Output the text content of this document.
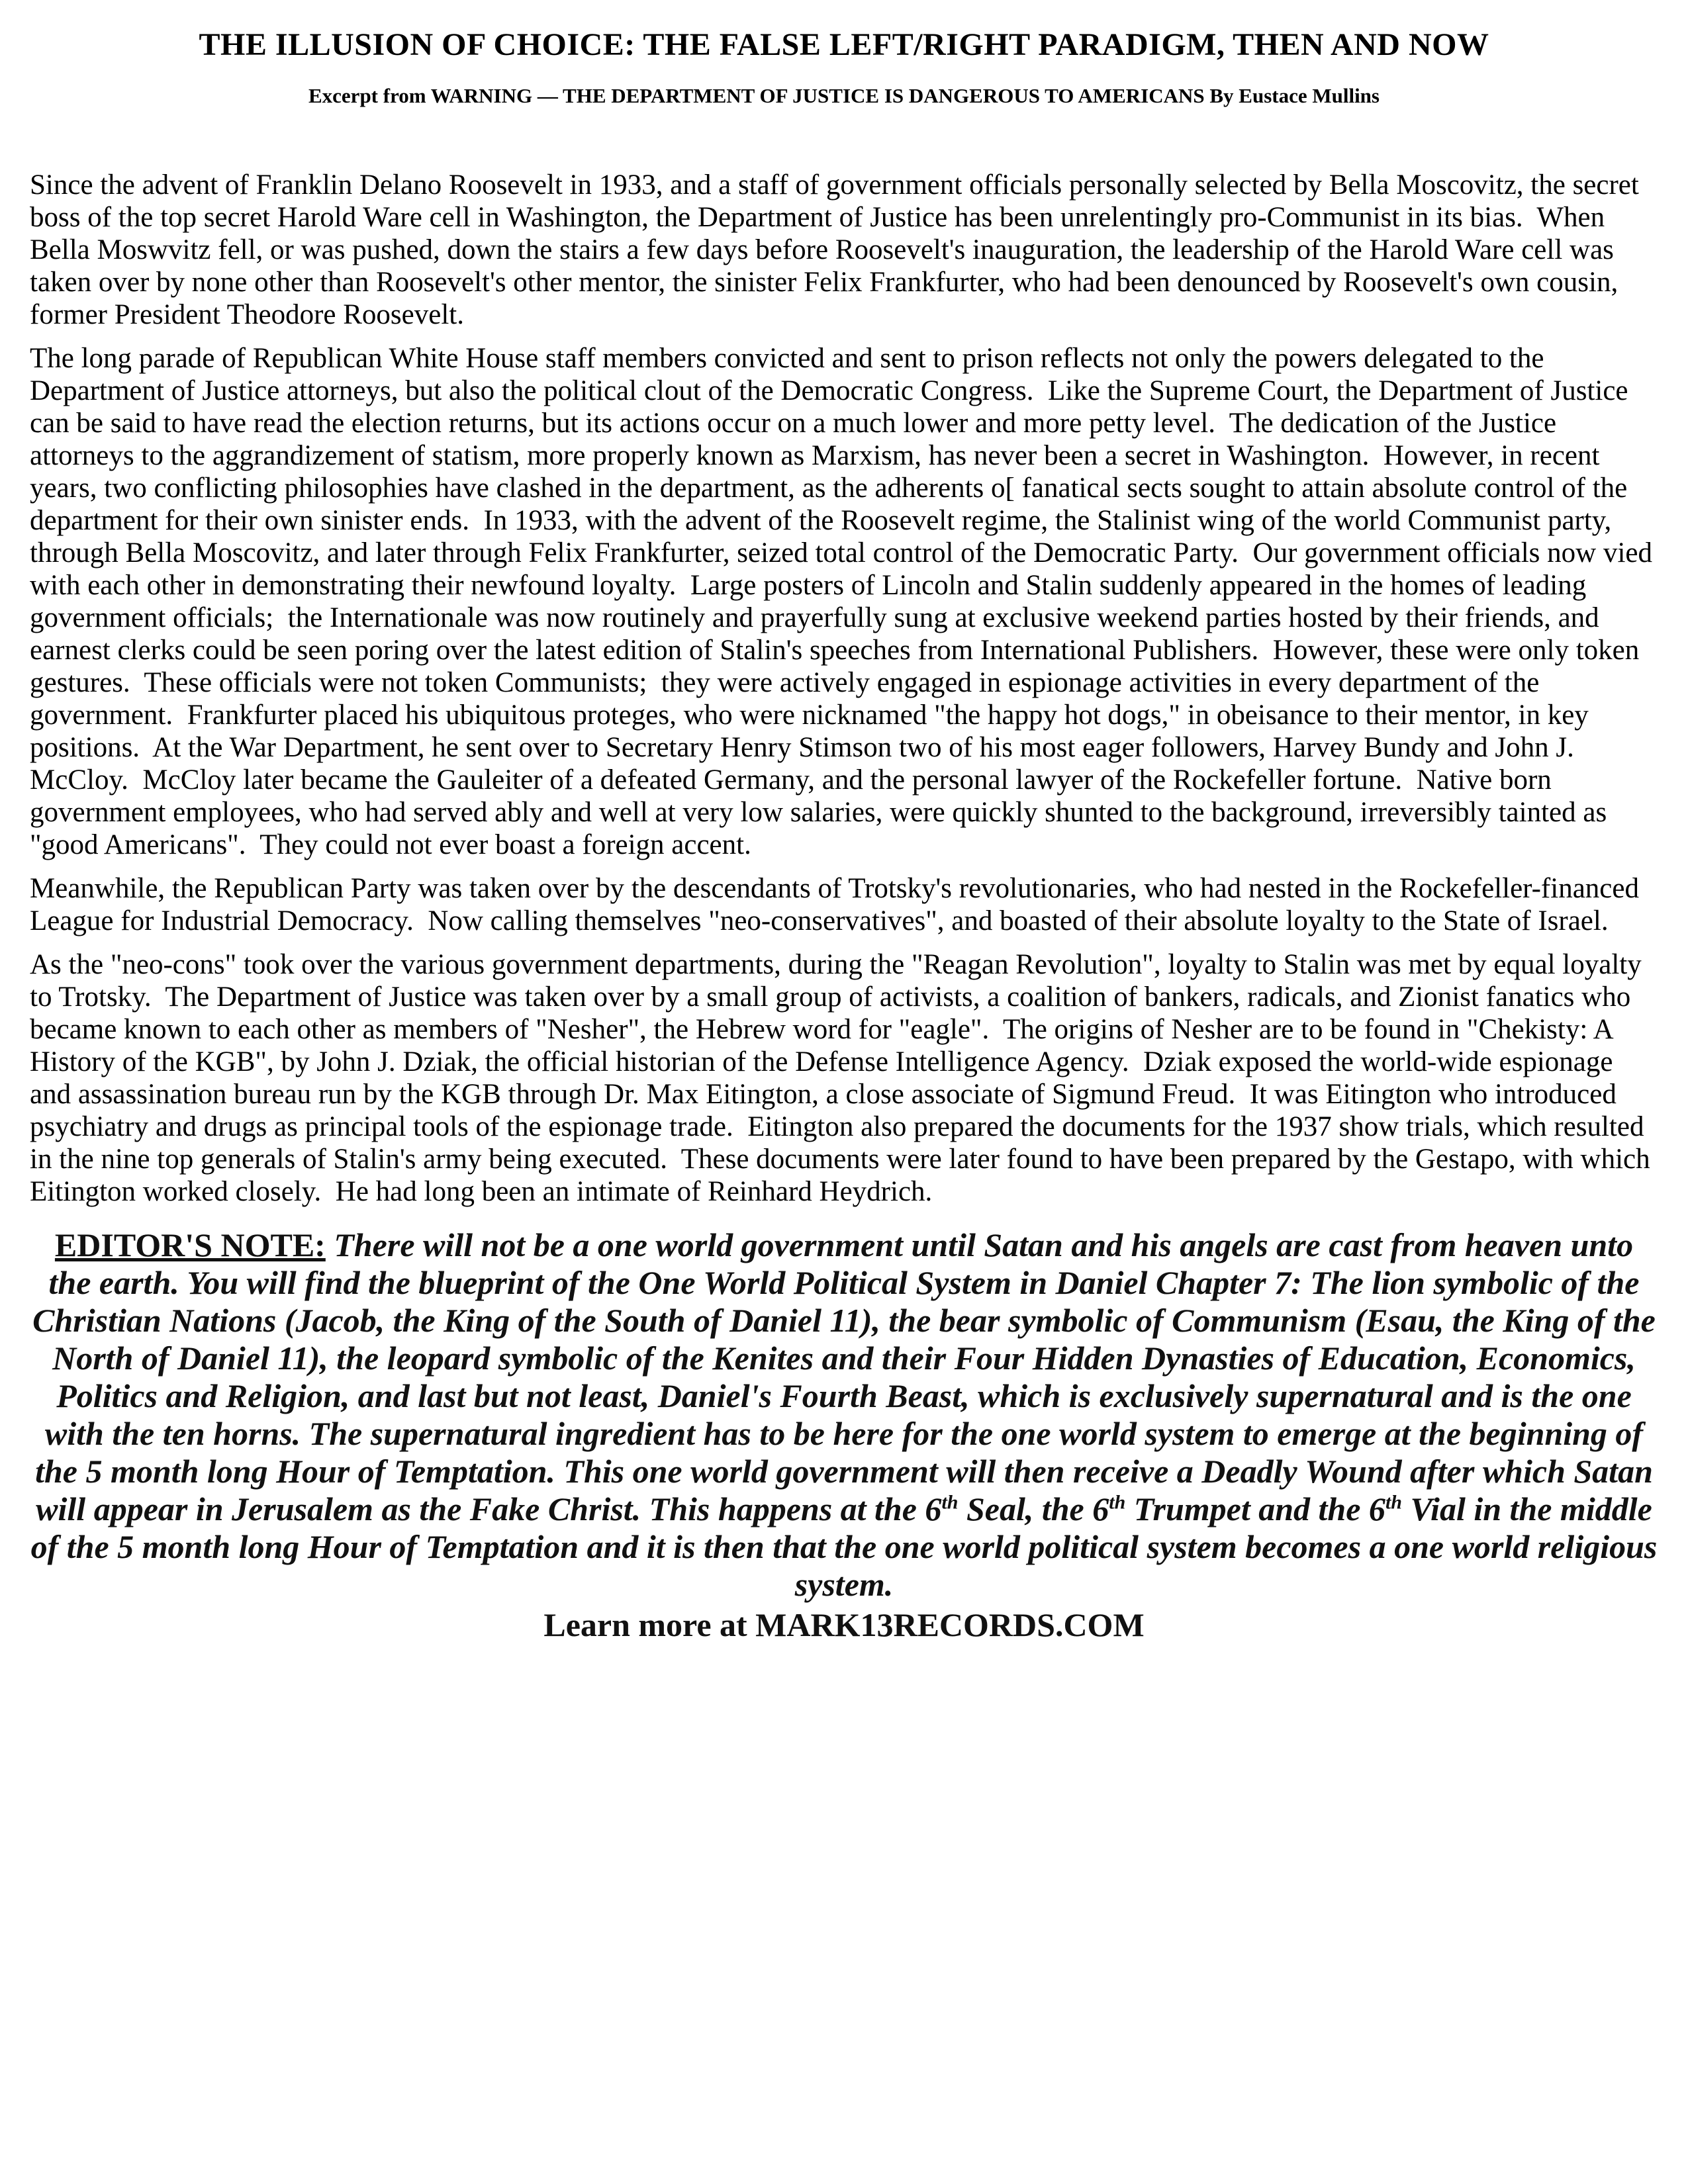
THE ILLUSION OF CHOICE: THE FALSE LEFT/RIGHT PARADIGM, THEN AND NOW
Excerpt from WARNING — THE DEPARTMENT OF JUSTICE IS DANGEROUS TO AMERICANS By Eustace Mullins

Since the advent of Franklin Delano Roosevelt in 1933, and a staff of government officials personally selected by Bella Moscovitz, the secret boss of the top secret Harold Ware cell in Washington, the Department of Justice has been unrelentingly pro-Communist in its bias.  When Bella Moswvitz fell, or was pushed, down the stairs a few days before Roosevelt's inauguration, the leadership of the Harold Ware cell was taken over by none other than Roosevelt's other mentor, the sinister Felix Frankfurter, who had been denounced by Roosevelt's own cousin, former President Theodore Roosevelt.

The long parade of Republican White House staff members convicted and sent to prison reflects not only the powers delegated to the Department of Justice attorneys, but also the political clout of the Democratic Congress.  Like the Supreme Court, the Department of Justice can be said to have read the election returns, but its actions occur on a much lower and more petty level.  The dedication of the Justice attorneys to the aggrandizement of statism, more properly known as Marxism, has never been a secret in Washington.  However, in recent years, two conflicting philosophies have clashed in the department, as the adherents o[ fanatical sects sought to attain absolute control of the department for their own sinister ends.  In 1933, with the advent of the Roosevelt regime, the Stalinist wing of the world Communist party, through Bella Moscovitz, and later through Felix Frankfurter, seized total control of the Democratic Party.  Our government officials now vied with each other in demonstrating their newfound loyalty.  Large posters of Lincoln and Stalin suddenly appeared in the homes of leading government officials;  the Internationale was now routinely and prayerfully sung at exclusive weekend parties hosted by their friends, and earnest clerks could be seen poring over the latest edition of Stalin's speeches from International Publishers.  However, these were only token gestures.  These officials were not token Communists;  they were actively engaged in espionage activities in every department of the government.  Frankfurter placed his ubiquitous proteges, who were nicknamed "the happy hot dogs," in obeisance to their mentor, in key positions.  At the War Department, he sent over to Secretary Henry Stimson two of his most eager followers, Harvey Bundy and John J. McCloy.  McCloy later became the Gauleiter of a defeated Germany, and the personal lawyer of the Rockefeller fortune.  Native born government employees, who had served ably and well at very low salaries, were quickly shunted to the background, irreversibly tainted as "good Americans".  They could not ever boast a foreign accent.

Meanwhile, the Republican Party was taken over by the descendants of Trotsky's revolutionaries, who had nested in the Rockefeller-financed League for Industrial Democracy.  Now calling themselves "neo-conservatives", and boasted of their absolute loyalty to the State of Israel.

As the "neo-cons" took over the various government departments, during the "Reagan Revolution", loyalty to Stalin was met by equal loyalty to Trotsky.  The Department of Justice was taken over by a small group of activists, a coalition of bankers, radicals, and Zionist fanatics who became known to each other as members of "Nesher", the Hebrew word for "eagle".  The origins of Nesher are to be found in "Chekisty: A History of the KGB", by John J. Dziak, the official historian of the Defense Intelligence Agency.  Dziak exposed the world-wide espionage and assassination bureau run by the KGB through Dr. Max Eitington, a close associate of Sigmund Freud.  It was Eitington who introduced psychiatry and drugs as principal tools of the espionage trade.  Eitington also prepared the documents for the 1937 show trials, which resulted in the nine top generals of Stalin's army being executed.  These documents were later found to have been prepared by the Gestapo, with which Eitington worked closely.  He had long been an intimate of Reinhard Heydrich.

EDITOR'S NOTE: There will not be a one world government until Satan and his angels are cast from heaven unto the earth. You will find the blueprint of the One World Political System in Daniel Chapter 7: The lion symbolic of the Christian Nations (Jacob, the King of the South of Daniel 11), the bear symbolic of Communism (Esau, the King of the North of Daniel 11), the leopard symbolic of the Kenites and their Four Hidden Dynasties of Education, Economics, Politics and Religion, and last but not least, Daniel's Fourth Beast, which is exclusively supernatural and is the one with the ten horns. The supernatural ingredient has to be here for the one world system to emerge at the beginning of the 5 month long Hour of Temptation. This one world government will then receive a Deadly Wound after which Satan will appear in Jerusalem as the Fake Christ. This happens at the 6th Seal, the 6th Trumpet and the 6th Vial in the middle of the 5 month long Hour of Temptation and it is then that the one world political system becomes a one world religious system.
Learn more at MARK13RECORDS.COM
